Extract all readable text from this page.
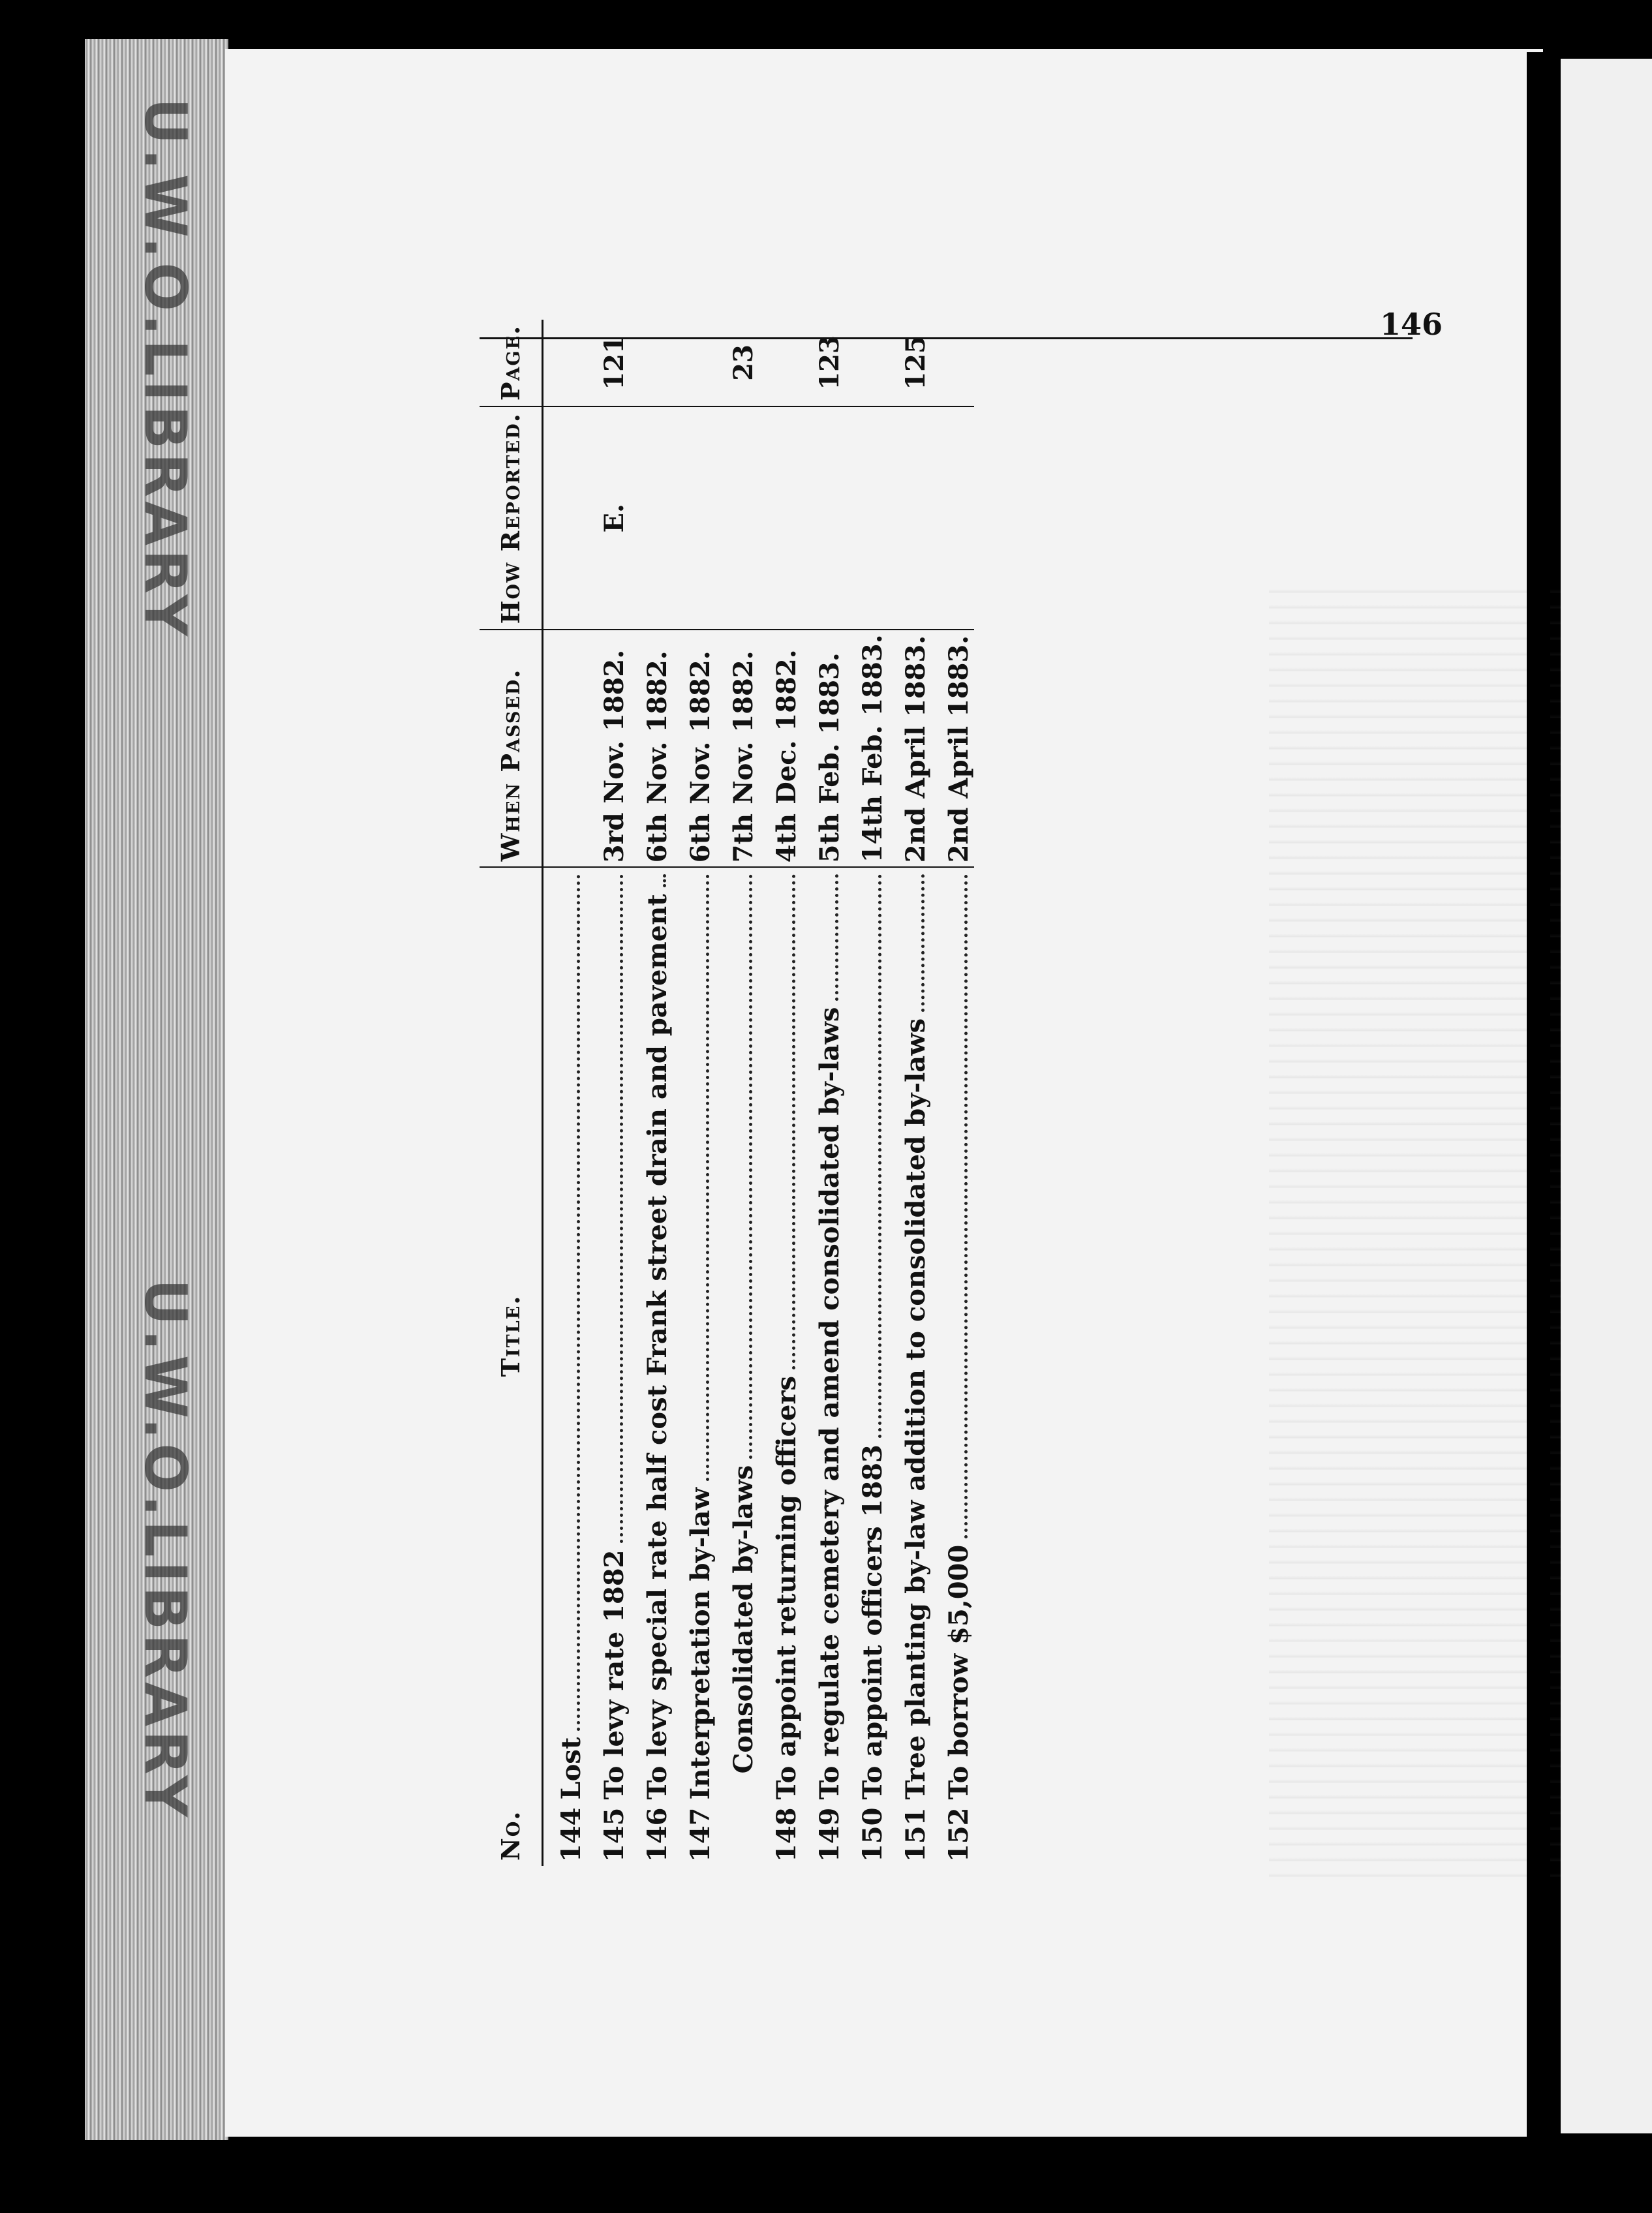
U.W.O.LIBRARY
U.W.O.LIBRARY
No.	Title.	When Passed.	How Reported.	Page.
144	Lost			

145	To levy rate 1882	3rd Nov. 1882.	E.	121
146	To levy special rate half cost Frank street drain and pavement	6th Nov. 1882.		
147	Interpretation by-law	6th Nov. 1882.		

	Consolidated by-laws	7th Nov. 1882.		23
148	To appoint returning officers	4th Dec. 1882.		
149	To regulate cemetery and amend consolidated by-laws	5th Feb. 1883.		123
150	To appoint officers 1883	14th Feb. 1883.		
151	Tree planting by-law addition to consolidated by-laws	2nd April 1883.		125
152	To borrow $5,000	2nd April 1883.		
146
